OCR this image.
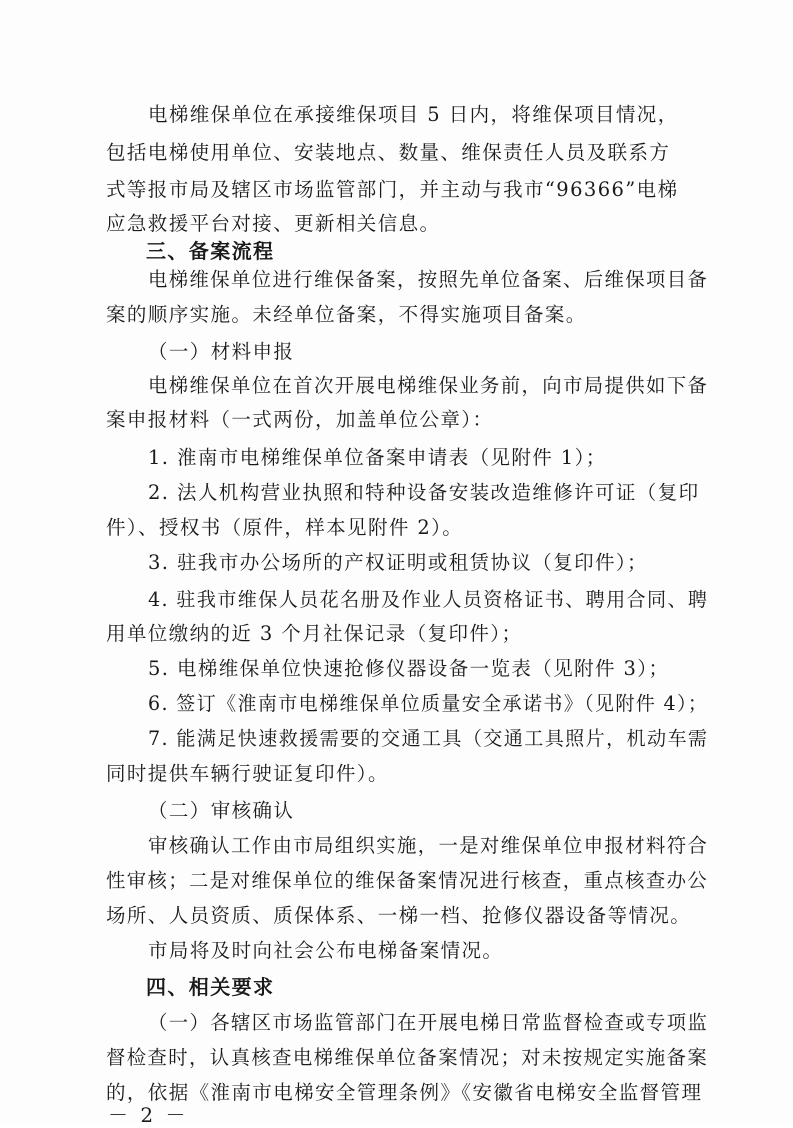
电梯维保单位在承接维保项目 5 日内，将维保项目情况，
包括电梯使用单位、安装地点、数量、维保责任人员及联系方
式等报市局及辖区市场监管部门，并主动与我市“96366”电梯
应急救援平台对接、更新相关信息。
三、备案流程
电梯维保单位进行维保备案，按照先单位备案、后维保项目备
案的顺序实施。未经单位备案，不得实施项目备案。
（一）材料申报
电梯维保单位在首次开展电梯维保业务前，向市局提供如下备
案申报材料（一式两份，加盖单位公章）：
1. 淮南市电梯维保单位备案申请表（见附件 1）；
2. 法人机构营业执照和特种设备安装改造维修许可证（复印
件）、授权书（原件，样本见附件 2）。
3. 驻我市办公场所的产权证明或租赁协议（复印件）；
4. 驻我市维保人员花名册及作业人员资格证书、聘用合同、聘
用单位缴纳的近 3 个月社保记录（复印件）；
5. 电梯维保单位快速抢修仪器设备一览表（见附件 3）；
6. 签订《淮南市电梯维保单位质量安全承诺书》（见附件 4）；
7. 能满足快速救援需要的交通工具（交通工具照片，机动车需
同时提供车辆行驶证复印件）。
（二）审核确认
审核确认工作由市局组织实施，一是对维保单位申报材料符合
性审核；二是对维保单位的维保备案情况进行核查，重点核查办公
场所、人员资质、质保体系、一梯一档、抢修仪器设备等情况。
市局将及时向社会公布电梯备案情况。
四、相关要求
（一）各辖区市场监管部门在开展电梯日常监督检查或专项监
督检查时，认真核查电梯维保单位备案情况；对未按规定实施备案
的，依据《淮南市电梯安全管理条例》《安徽省电梯安全监督管理
－ 2 －
